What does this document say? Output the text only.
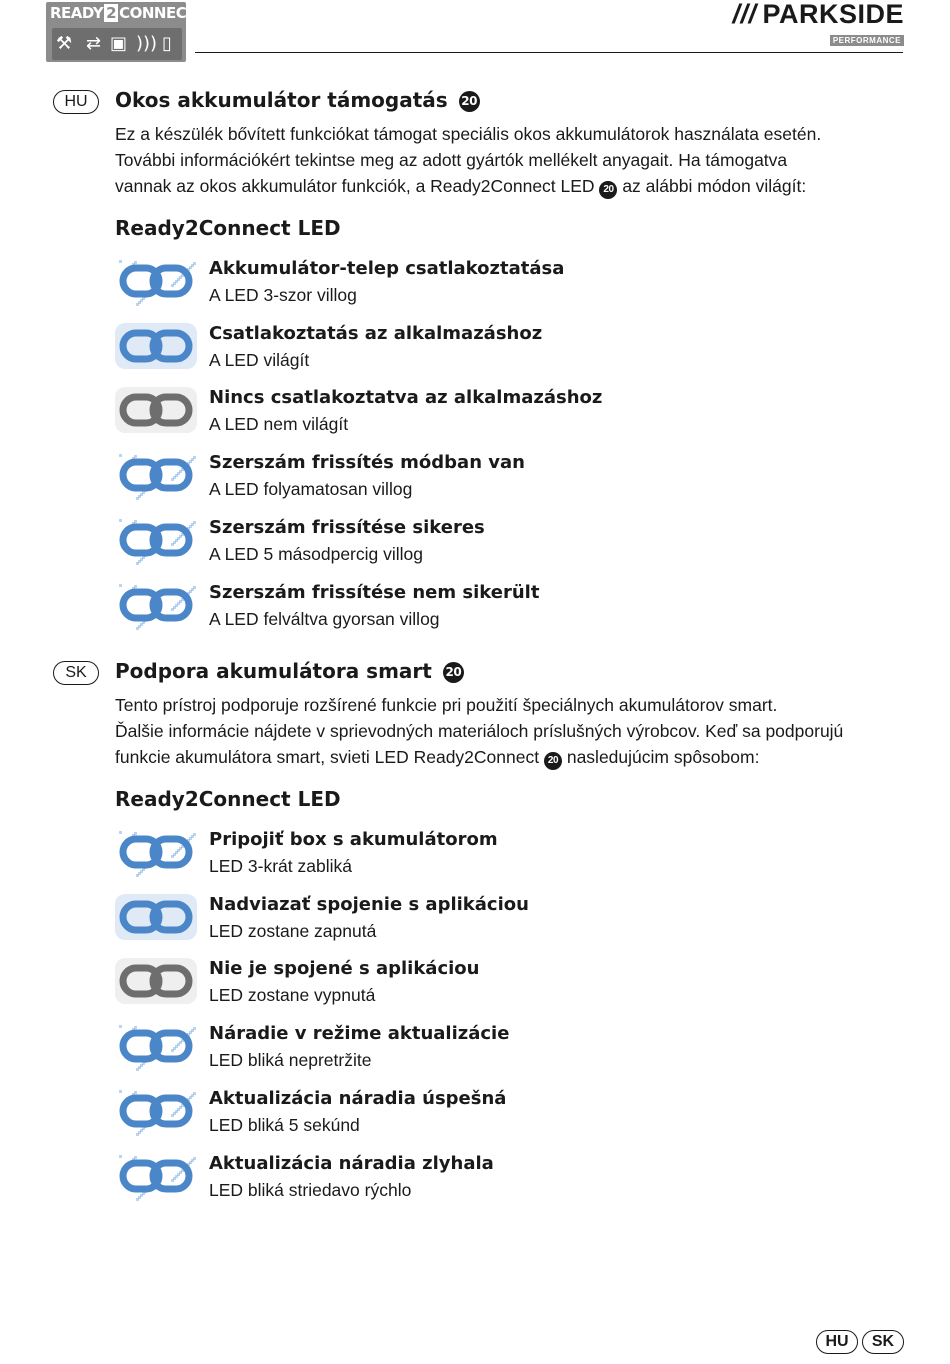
READY 2 CONNECT
⚒ ⇄ ▣ ))) ▯
/// PARKSIDE
PERFORMANCE
HU	Okos akkumulátor támogatás 20
Ez a készülék bővített funkciókat támogat speciális okos akkumulátorok használata esetén.
További információkért tekintse meg az adott gyártók mellékelt anyagait. Ha támogatva
vannak az okos akkumulátor funkciók, a Ready2Connect LED 20 az alábbi módon világít:
Ready2Connect LED
Akkumulátor-telep csatlakoztatása
A LED 3-szor villog
Csatlakoztatás az alkalmazáshoz
A LED világít
Nincs csatlakoztatva az alkalmazáshoz
A LED nem világít
Szerszám frissítés módban van
A LED folyamatosan villog
Szerszám frissítése sikeres
A LED 5 másodpercig villog
Szerszám frissítése nem sikerült
A LED felváltva gyorsan villog
SK	Podpora akumulátora smart 20
Tento prístroj podporuje rozšírené funkcie pri použití špeciálnych akumulátorov smart.
Ďalšie informácie nájdete v sprievodných materiáloch príslušných výrobcov. Keď sa podporujú
funkcie akumulátora smart, svieti LED Ready2Connect 20 nasledujúcim spôsobom:
Ready2Connect LED
Pripojiť box s akumulátorom
LED 3-krát zabliká
Nadviazať spojenie s aplikáciou
LED zostane zapnutá
Nie je spojené s aplikáciou
LED zostane vypnutá
Náradie v režime aktualizácie
LED bliká nepretržite
Aktualizácia náradia úspešná
LED bliká 5 sekúnd
Aktualizácia náradia zlyhala
LED bliká striedavo rýchlo
HU SK
